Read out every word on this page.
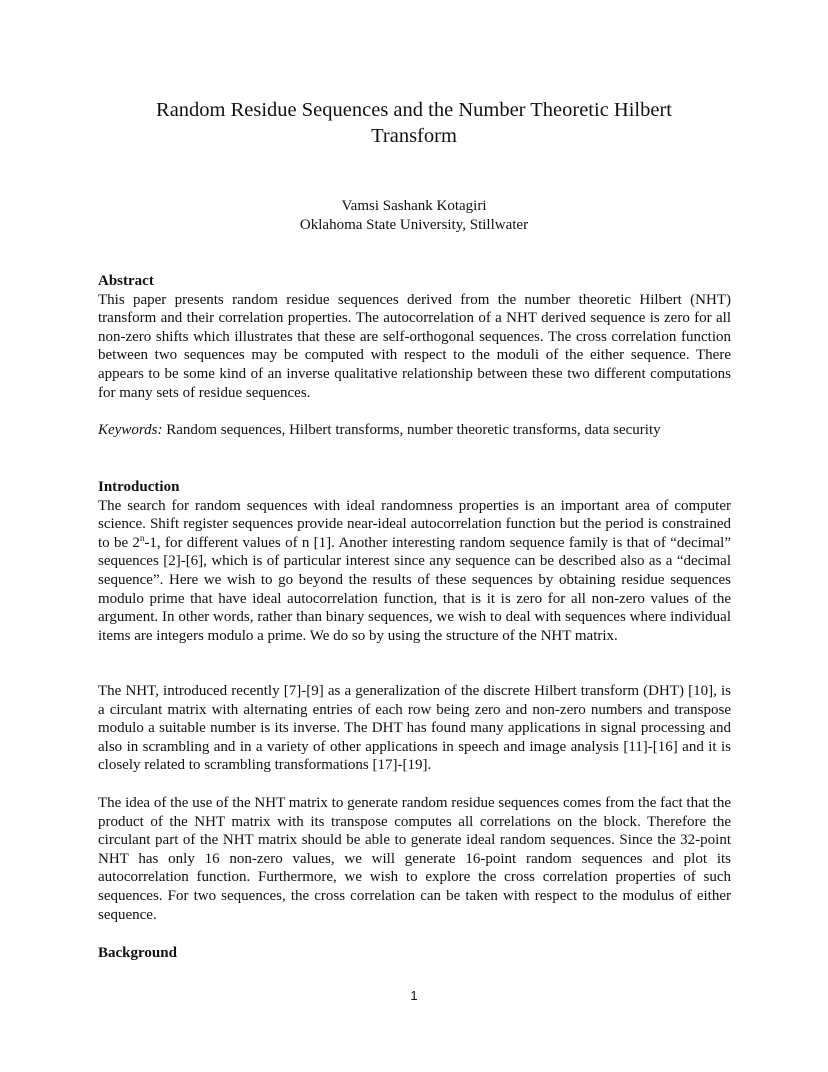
Random Residue Sequences and the Number Theoretic Hilbert
Transform
Vamsi Sashank Kotagiri
Oklahoma State University, Stillwater
Abstract
This paper presents random residue sequences derived from the number theoretic Hilbert (NHT) transform and their correlation properties. The autocorrelation of a NHT derived sequence is zero for all non-zero shifts which illustrates that these are self-orthogonal sequences. The cross correlation function between two sequences may be computed with respect to the moduli of the either sequence. There appears to be some kind of an inverse qualitative relationship between these two different computations for many sets of residue sequences.
Keywords: Random sequences, Hilbert transforms, number theoretic transforms, data security
Introduction
The search for random sequences with ideal randomness properties is an important area of computer science. Shift register sequences provide near-ideal autocorrelation function but the period is constrained to be 2$^n$-1, for different values of n [1]. Another interesting random sequence family is that of “decimal” sequences [2]-[6], which is of particular interest since any sequence can be described also as a “decimal sequence”. Here we wish to go beyond the results of these sequences by obtaining residue sequences modulo prime that have ideal autocorrelation function, that is it is zero for all non-zero values of the argument. In other words, rather than binary sequences, we wish to deal with sequences where individual items are integers modulo a prime. We do so by using the structure of the NHT matrix.
The NHT, introduced recently [7]-[9] as a generalization of the discrete Hilbert transform (DHT) [10], is a circulant matrix with alternating entries of each row being zero and non-zero numbers and transpose modulo a suitable number is its inverse. The DHT has found many applications in signal processing and also in scrambling and in a variety of other applications in speech and image analysis [11]-[16] and it is closely related to scrambling transformations [17]-[19].
The idea of the use of the NHT matrix to generate random residue sequences comes from the fact that the product of the NHT matrix with its transpose computes all correlations on the block. Therefore the circulant part of the NHT matrix should be able to generate ideal random sequences. Since the 32-point NHT has only 16 non-zero values, we will generate 16-point random sequences and plot its autocorrelation function. Furthermore, we wish to explore the cross correlation properties of such sequences. For two sequences, the cross correlation can be taken with respect to the modulus of either sequence.
Background
1
